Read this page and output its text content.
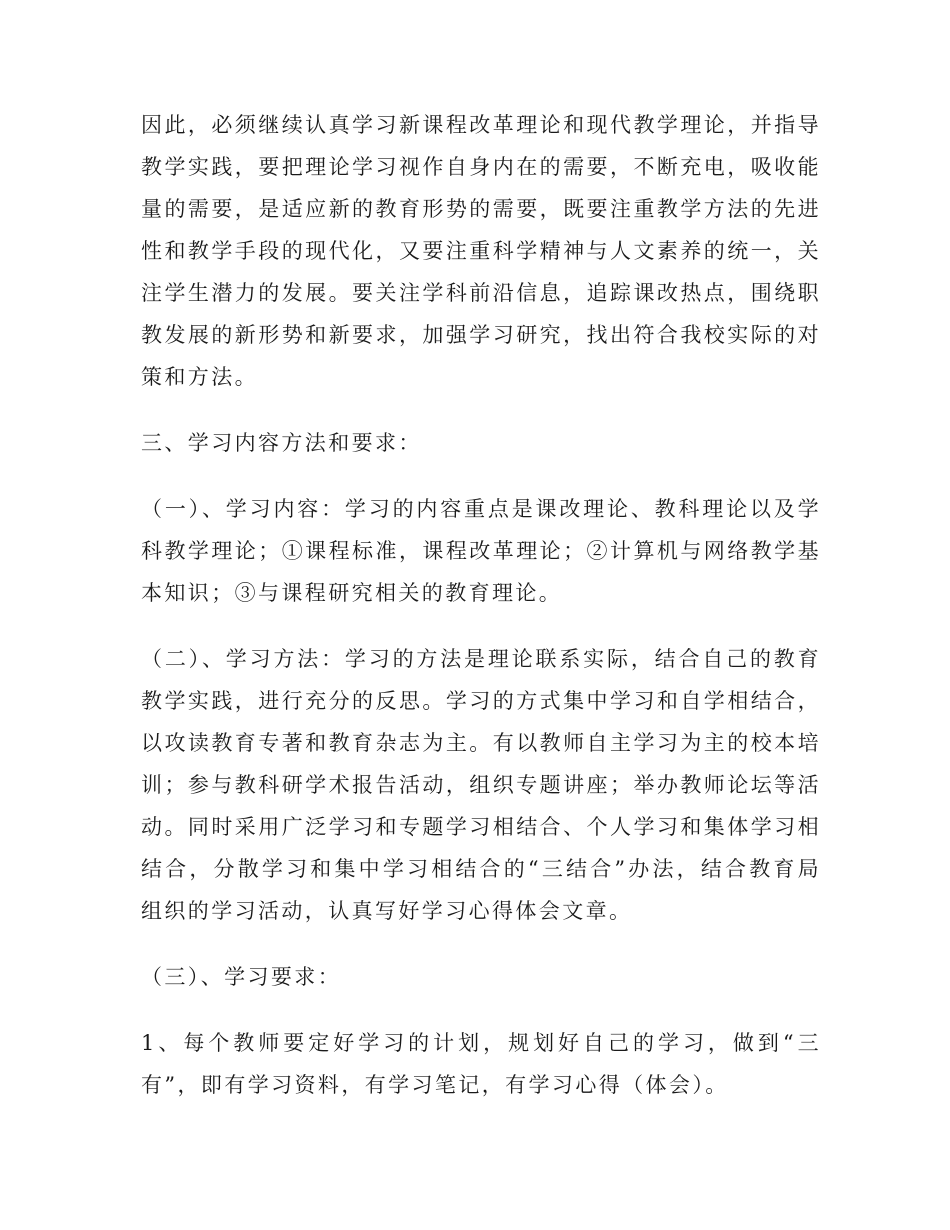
因此，必须继续认真学习新课程改革理论和现代教学理论，并指导教学实践，要把理论学习视作自身内在的需要，不断充电，吸收能量的需要，是适应新的教育形势的需要，既要注重教学方法的先进性和教学手段的现代化，又要注重科学精神与人文素养的统一，关注学生潜力的发展。要关注学科前沿信息，追踪课改热点，围绕职教发展的新形势和新要求，加强学习研究，找出符合我校实际的对策和方法。

三、学习内容方法和要求：

（一）、学习内容：学习的内容重点是课改理论、教科理论以及学科教学理论；①课程标准，课程改革理论；②计算机与网络教学基本知识；③与课程研究相关的教育理论。

（二）、学习方法：学习的方法是理论联系实际，结合自己的教育教学实践，进行充分的反思。学习的方式集中学习和自学相结合，以攻读教育专著和教育杂志为主。有以教师自主学习为主的校本培训；参与教科研学术报告活动，组织专题讲座；举办教师论坛等活动。同时采用广泛学习和专题学习相结合、个人学习和集体学习相结合，分散学习和集中学习相结合的“三结合”办法，结合教育局组织的学习活动，认真写好学习心得体会文章。

（三）、学习要求：

1、每个教师要定好学习的计划，规划好自己的学习，做到“三有”，即有学习资料，有学习笔记，有学习心得（体会）。
